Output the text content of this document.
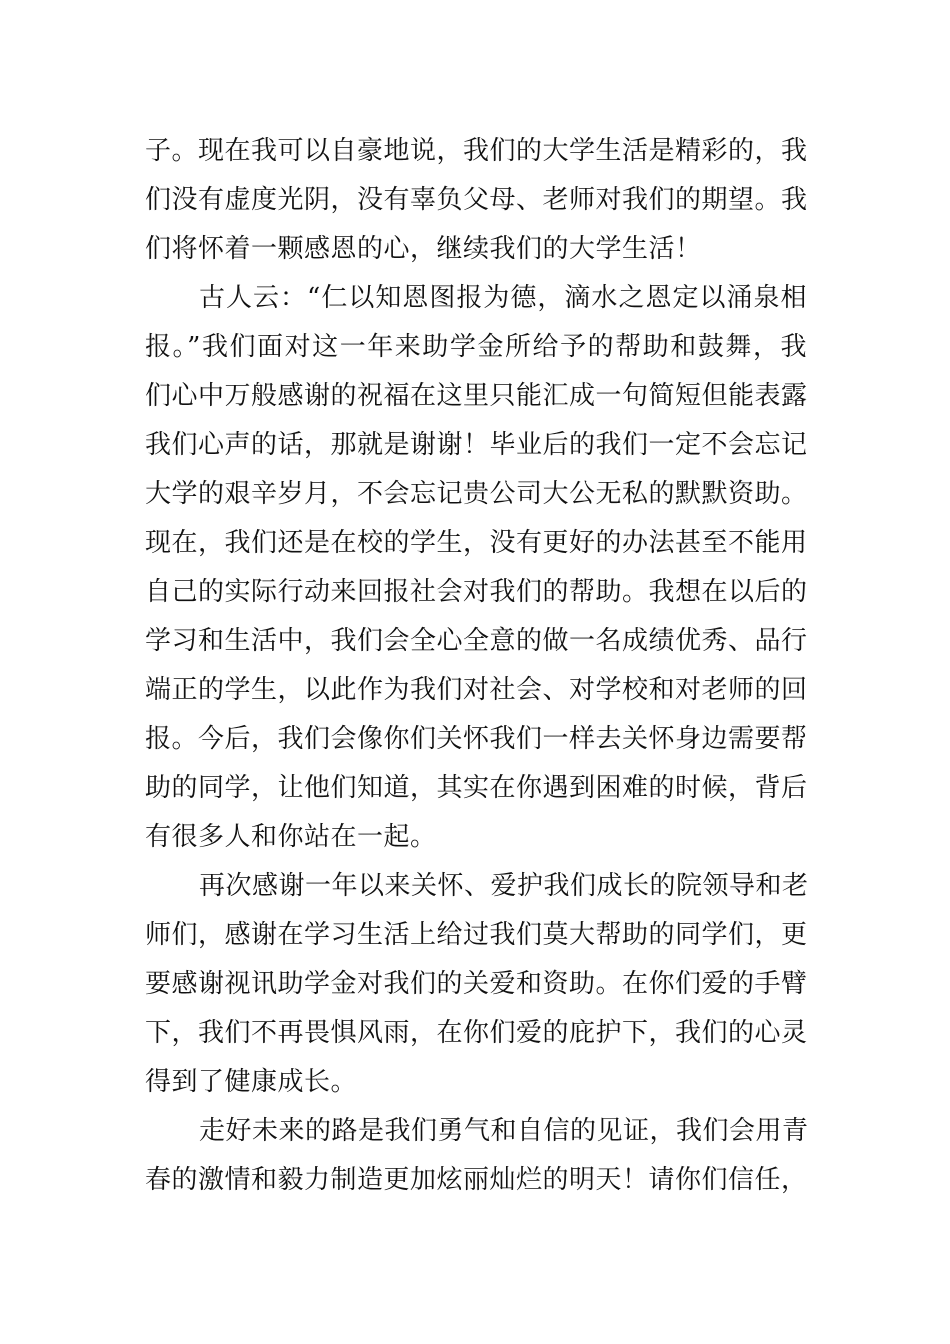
子。现在我可以自豪地说，我们的大学生活是精彩的，我
们没有虚度光阴，没有辜负父母、老师对我们的期望。我
们将怀着一颗感恩的心，继续我们的大学生活！
古人云：“仁以知恩图报为德，滴水之恩定以涌泉相
报。”我们面对这一年来助学金所给予的帮助和鼓舞，我
们心中万般感谢的祝福在这里只能汇成一句简短但能表露
我们心声的话，那就是谢谢！毕业后的我们一定不会忘记
大学的艰辛岁月，不会忘记贵公司大公无私的默默资助。
现在，我们还是在校的学生，没有更好的办法甚至不能用
自己的实际行动来回报社会对我们的帮助。我想在以后的
学习和生活中，我们会全心全意的做一名成绩优秀、品行
端正的学生，以此作为我们对社会、对学校和对老师的回
报。今后，我们会像你们关怀我们一样去关怀身边需要帮
助的同学，让他们知道，其实在你遇到困难的时候，背后
有很多人和你站在一起。
再次感谢一年以来关怀、爱护我们成长的院领导和老
师们，感谢在学习生活上给过我们莫大帮助的同学们，更
要感谢视讯助学金对我们的关爱和资助。在你们爱的手臂
下，我们不再畏惧风雨，在你们爱的庇护下，我们的心灵
得到了健康成长。
走好未来的路是我们勇气和自信的见证，我们会用青
春的激情和毅力制造更加炫丽灿烂的明天！请你们信任，
